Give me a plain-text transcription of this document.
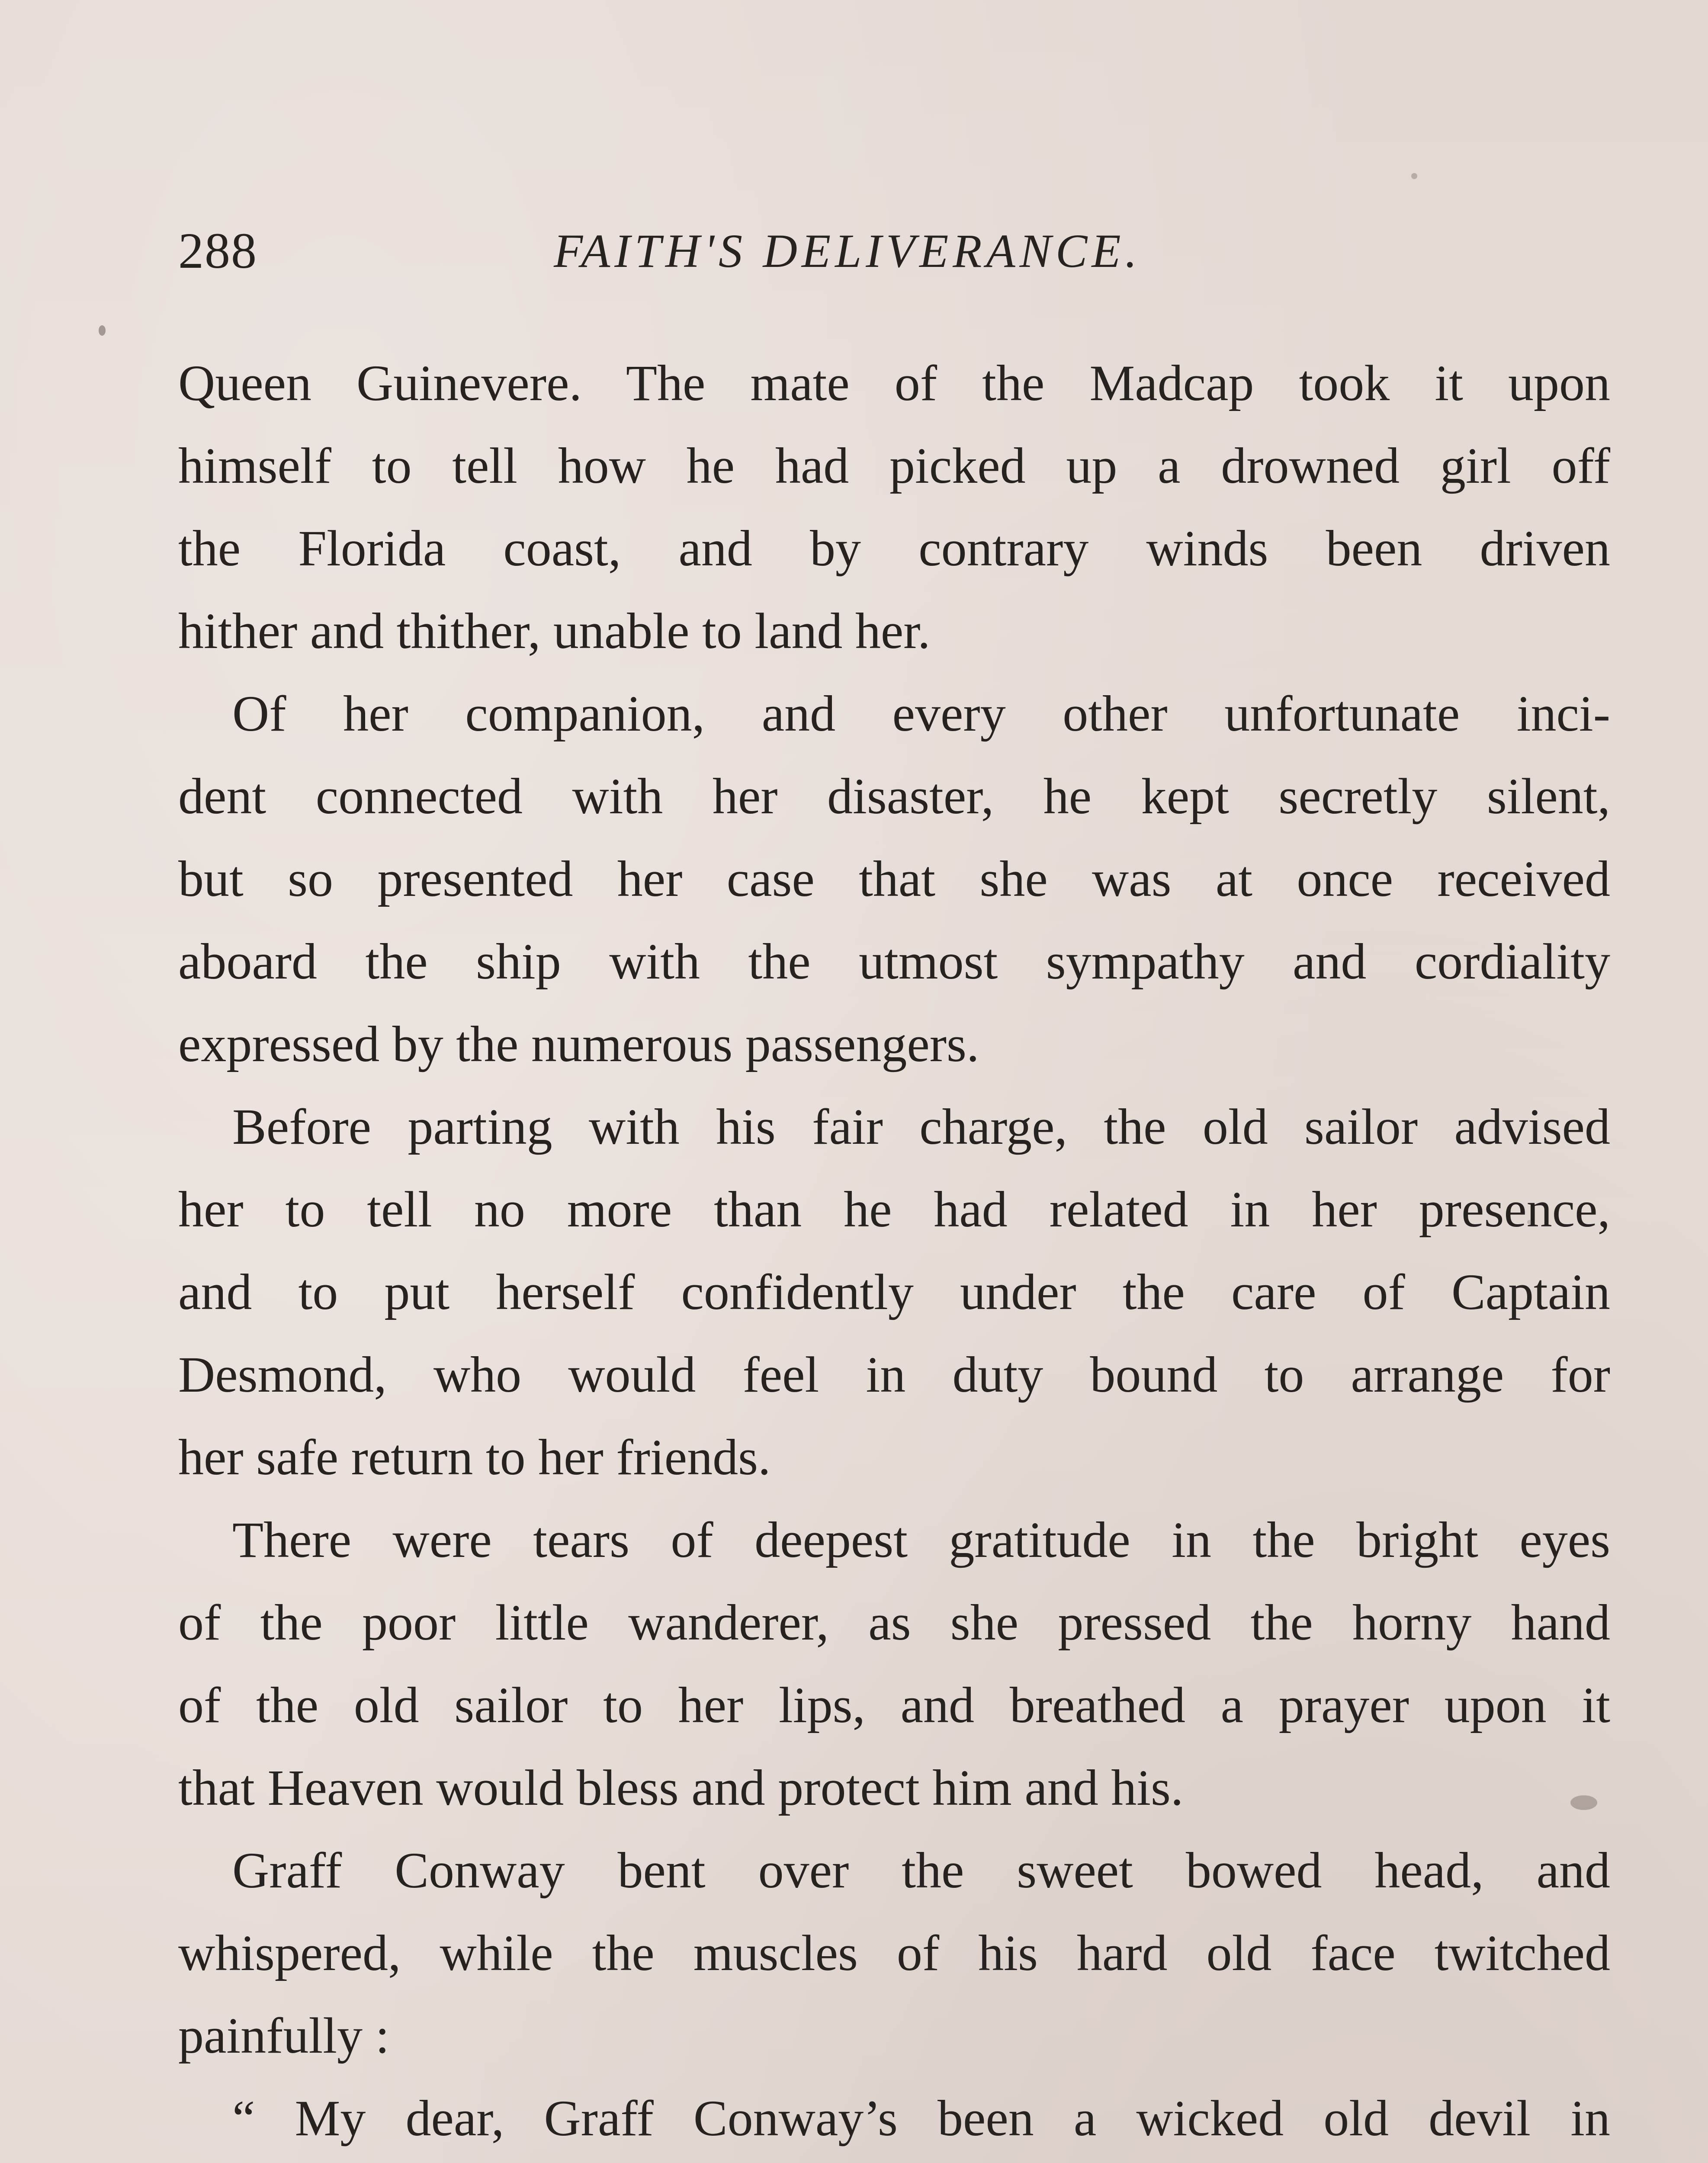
288	FAITH'S DELIVERANCE.
Queen Guinevere. The mate of the Madcap took it upon
himself to tell how he had picked up a drowned girl off
the Florida coast, and by contrary winds been driven
hither and thither, unable to land her.
Of her companion, and every other unfortunate inci-
dent connected with her disaster, he kept secretly silent,
but so presented her case that she was at once received
aboard the ship with the utmost sympathy and cordiality
expressed by the numerous passengers.
Before parting with his fair charge, the old sailor advised
her to tell no more than he had related in her presence,
and to put herself confidently under the care of Captain
Desmond, who would feel in duty bound to arrange for
her safe return to her friends.
There were tears of deepest gratitude in the bright eyes
of the poor little wanderer, as she pressed the horny hand
of the old sailor to her lips, and breathed a prayer upon it
that Heaven would bless and protect him and his.
Graff Conway bent over the sweet bowed head, and
whispered, while the muscles of his hard old face twitched
painfully :
“ My dear, Graff Conway’s been a wicked old devil in
